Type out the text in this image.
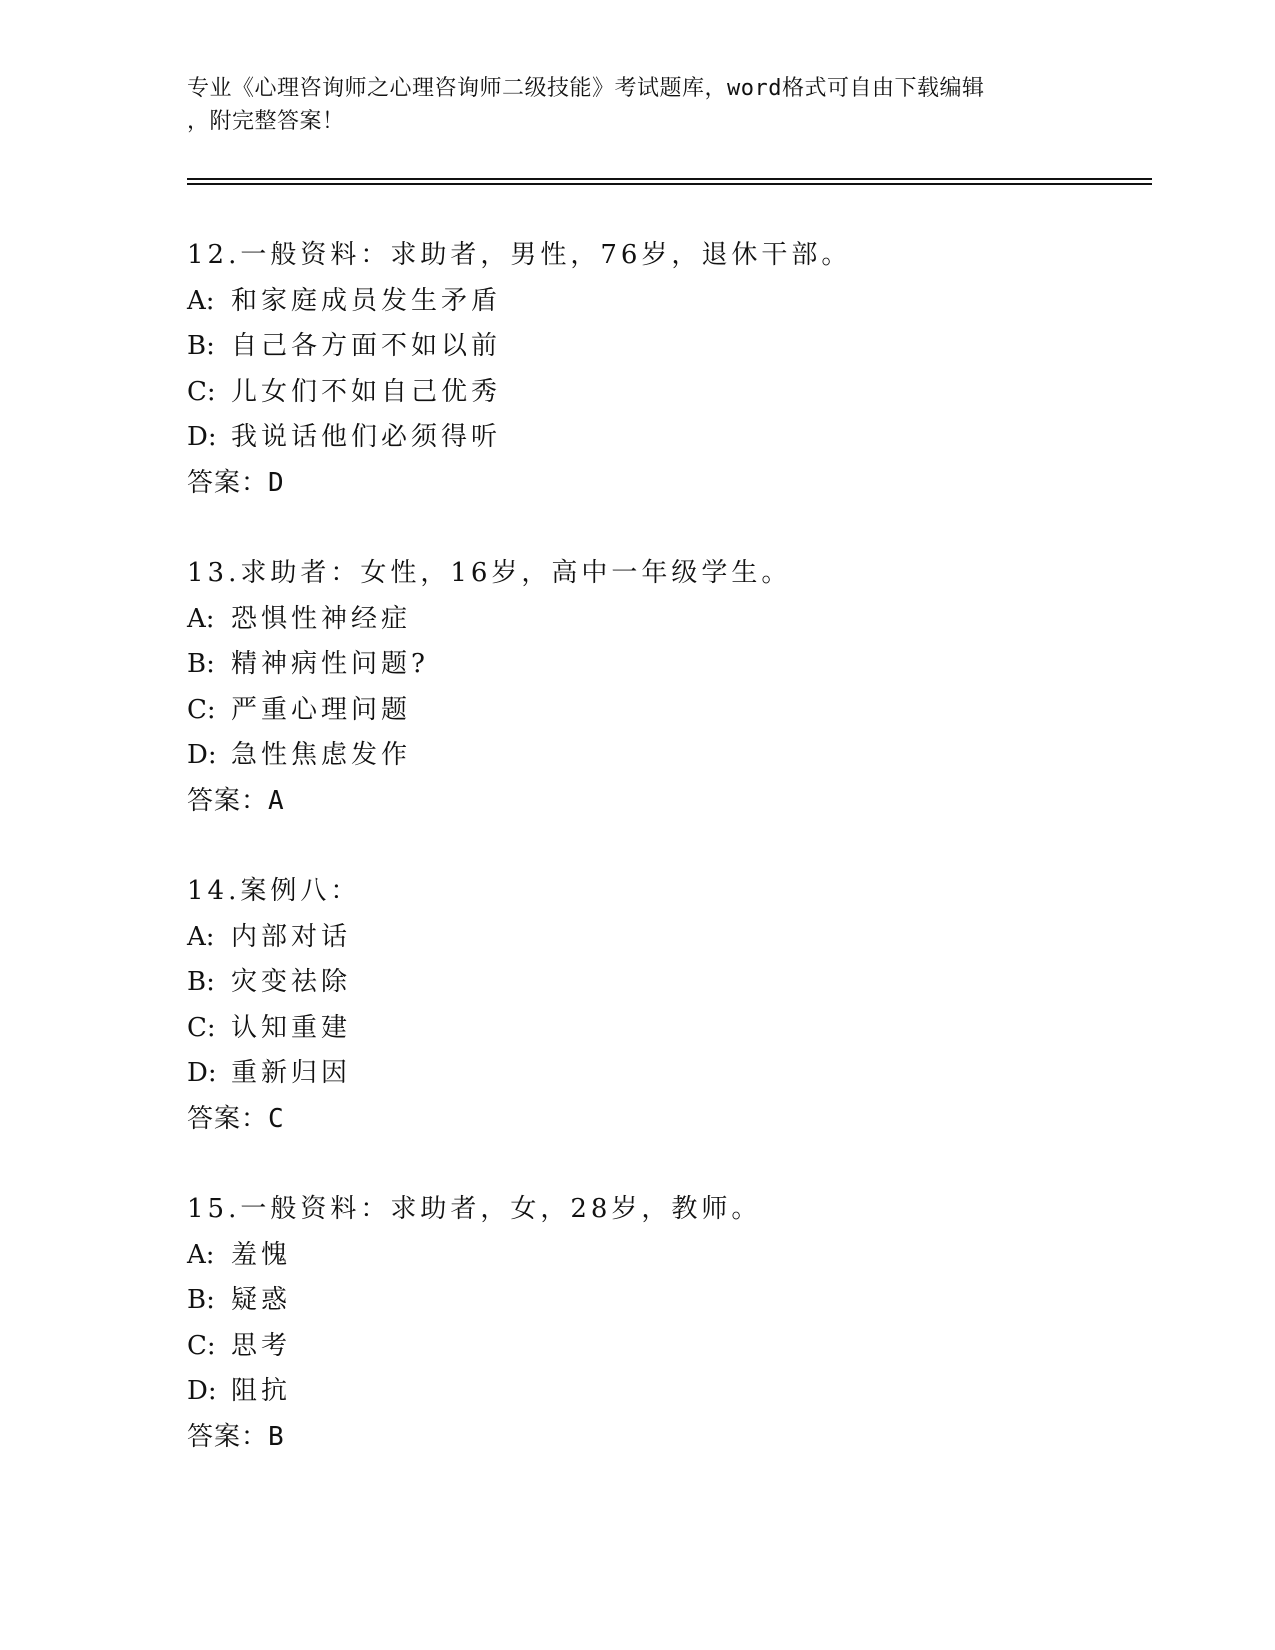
专业《心理咨询师之心理咨询师二级技能》考试题库，word格式可自由下载编辑
，附完整答案！
12.一般资料：求助者，男性，76岁，退休干部。
A: 和家庭成员发生矛盾
B: 自己各方面不如以前
C: 儿女们不如自己优秀
D: 我说话他们必须得听
答案：D
13.求助者：女性，16岁，高中一年级学生。
A: 恐惧性神经症
B: 精神病性问题?
C: 严重心理问题
D: 急性焦虑发作
答案：A
14.案例八：
A: 内部对话
B: 灾变祛除
C: 认知重建
D: 重新归因
答案：C
15.一般资料：求助者，女，28岁，教师。
A: 羞愧
B: 疑惑
C: 思考
D: 阻抗
答案：B
